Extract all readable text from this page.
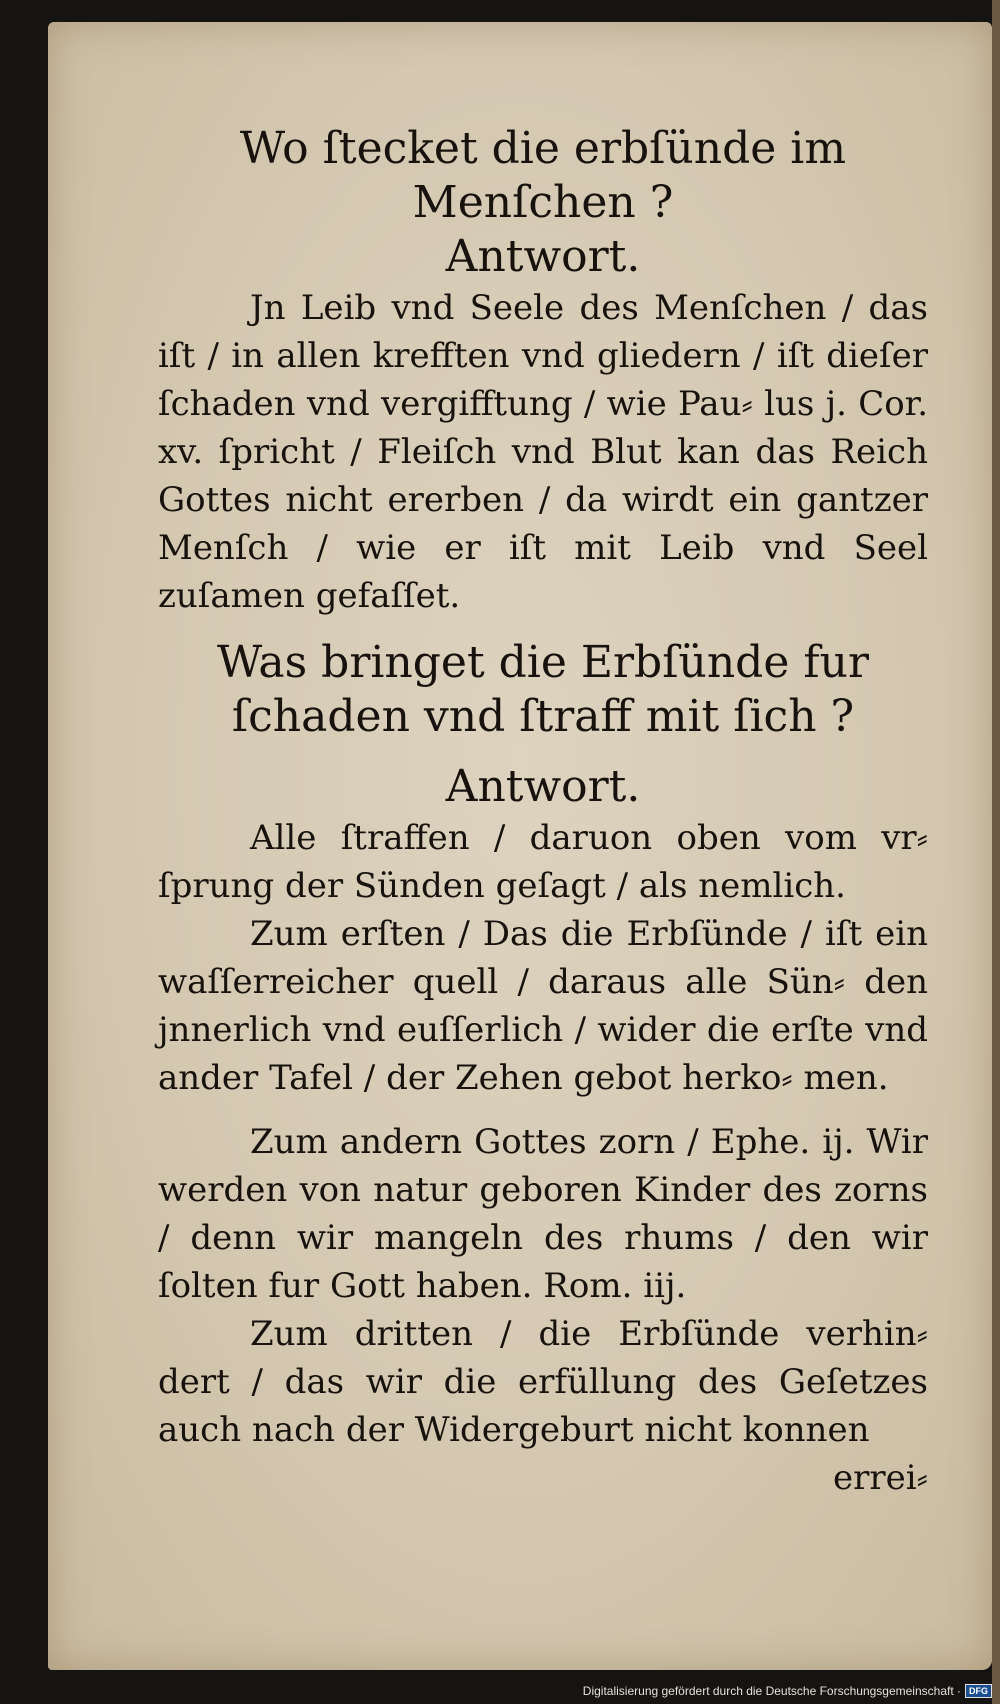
Wo ſtecket die erbſünde im

Menſchen ?

Antwort.

Jn Leib vnd Seele des Menſchen / das iſt / in allen krefften vnd gliedern / iſt dieſer ſchaden vnd vergifftung / wie Pau⸗ lus j. Cor. xv. ſpricht / Fleiſch vnd Blut kan das Reich Gottes nicht ererben / da wirdt ein gantzer Menſch / wie er iſt mit Leib vnd Seel zuſamen gefaſſet.

Was bringet die Erbſünde fur

ſchaden vnd ſtraff mit ſich ?

Antwort.

Alle ſtraffen / daruon oben vom vr⸗ ſprung der Sünden geſagt / als nemlich.

Zum erſten / Das die Erbſünde / iſt ein waſſerreicher quell / daraus alle Sün⸗ den jnnerlich vnd euſſerlich / wider die erſte vnd ander Tafel / der Zehen gebot herko⸗ men.

Zum andern Gottes zorn / Ephe. ij. Wir werden von natur geboren Kinder des zorns / denn wir mangeln des rhums / den wir ſolten fur Gott haben. Rom. iij.

Zum dritten / die Erbſünde verhin⸗ dert / das wir die erfüllung des Geſetzes auch nach der Widergeburt nicht konnen

errei⸗

Digitalisierung gefördert durch die Deutsche Forschungsgemeinschaft · DFG
